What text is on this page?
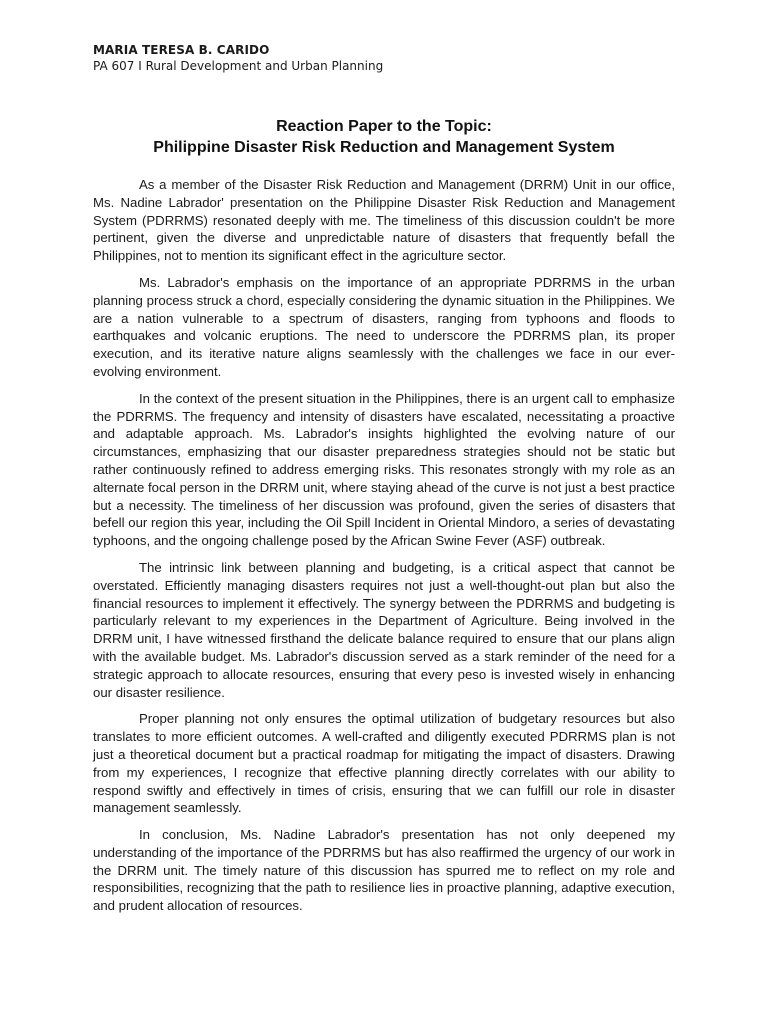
MARIA TERESA B. CARIDO
PA 607 I Rural Development and Urban Planning
Reaction Paper to the Topic:
Philippine Disaster Risk Reduction and Management System

As a member of the Disaster Risk Reduction and Management (DRRM) Unit in our office, Ms. Nadine Labrador' presentation on the Philippine Disaster Risk Reduction and Management System (PDRRMS) resonated deeply with me. The timeliness of this discussion couldn't be more pertinent, given the diverse and unpredictable nature of disasters that frequently befall the Philippines, not to mention its significant effect in the agriculture sector.

Ms. Labrador's emphasis on the importance of an appropriate PDRRMS in the urban planning process struck a chord, especially considering the dynamic situation in the Philippines. We are a nation vulnerable to a spectrum of disasters, ranging from typhoons and floods to earthquakes and volcanic eruptions. The need to underscore the PDRRMS plan, its proper execution, and its iterative nature aligns seamlessly with the challenges we face in our ever-evolving environment.

In the context of the present situation in the Philippines, there is an urgent call to emphasize the PDRRMS. The frequency and intensity of disasters have escalated, necessitating a proactive and adaptable approach. Ms. Labrador's insights highlighted the evolving nature of our circumstances, emphasizing that our disaster preparedness strategies should not be static but rather continuously refined to address emerging risks. This resonates strongly with my role as an alternate focal person in the DRRM unit, where staying ahead of the curve is not just a best practice but a necessity. The timeliness of her discussion was profound, given the series of disasters that befell our region this year, including the Oil Spill Incident in Oriental Mindoro, a series of devastating typhoons, and the ongoing challenge posed by the African Swine Fever (ASF) outbreak.

The intrinsic link between planning and budgeting, is a critical aspect that cannot be overstated. Efficiently managing disasters requires not just a well-thought-out plan but also the financial resources to implement it effectively. The synergy between the PDRRMS and budgeting is particularly relevant to my experiences in the Department of Agriculture. Being involved in the DRRM unit, I have witnessed firsthand the delicate balance required to ensure that our plans align with the available budget. Ms. Labrador's discussion served as a stark reminder of the need for a strategic approach to allocate resources, ensuring that every peso is invested wisely in enhancing our disaster resilience.

Proper planning not only ensures the optimal utilization of budgetary resources but also translates to more efficient outcomes. A well-crafted and diligently executed PDRRMS plan is not just a theoretical document but a practical roadmap for mitigating the impact of disasters. Drawing from my experiences, I recognize that effective planning directly correlates with our ability to respond swiftly and effectively in times of crisis, ensuring that we can fulfill our role in disaster management seamlessly.

In conclusion, Ms. Nadine Labrador's presentation has not only deepened my understanding of the importance of the PDRRMS but has also reaffirmed the urgency of our work in the DRRM unit. The timely nature of this discussion has spurred me to reflect on my role and responsibilities, recognizing that the path to resilience lies in proactive planning, adaptive execution, and prudent allocation of resources.
